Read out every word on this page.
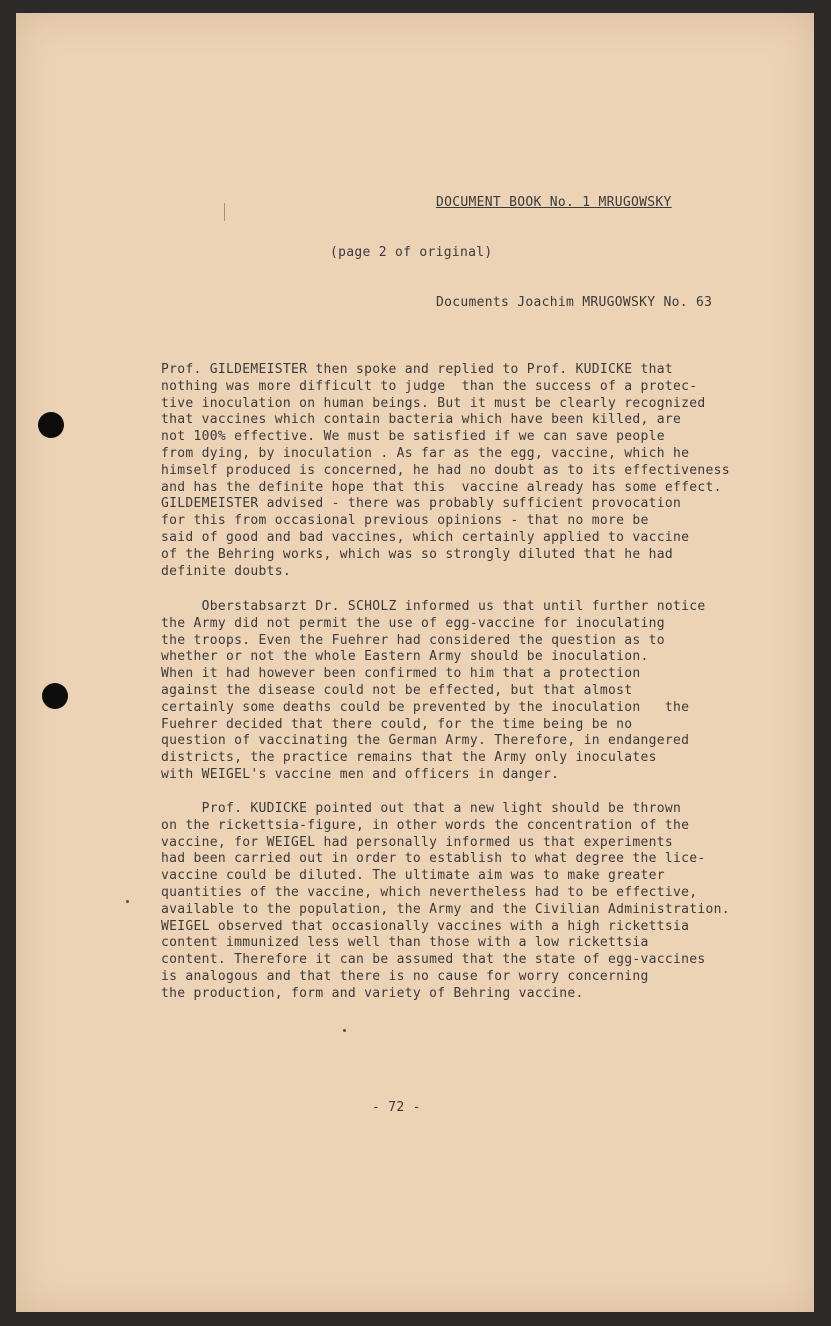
DOCUMENT BOOK No. 1 MRUGOWSKY
(page 2 of original)
Documents Joachim MRUGOWSKY No. 63
Prof. GILDEMEISTER then spoke and replied to Prof. KUDICKE that
nothing was more difficult to judge  than the success of a protec-
tive inoculation on human beings. But it must be clearly recognized
that vaccines which contain bacteria which have been killed, are
not 100% effective. We must be satisfied if we can save people
from dying, by inoculation . As far as the egg, vaccine, which he
himself produced is concerned, he had no doubt as to its effectiveness
and has the definite hope that this  vaccine already has some effect.
GILDEMEISTER advised - there was probably sufficient provocation
for this from occasional previous opinions - that no more be
said of good and bad vaccines, which certainly applied to vaccine
of the Behring works, which was so strongly diluted that he had
definite doubts.
Oberstabsarzt Dr. SCHOLZ informed us that until further notice
the Army did not permit the use of egg-vaccine for inoculating
the troops. Even the Fuehrer had considered the question as to
whether or not the whole Eastern Army should be inoculation.
When it had however been confirmed to him that a protection
against the disease could not be effected, but that almost
certainly some deaths could be prevented by the inoculation   the
Fuehrer decided that there could, for the time being be no
question of vaccinating the German Army. Therefore, in endangered
districts, the practice remains that the Army only inoculates
with WEIGEL's vaccine men and officers in danger.
Prof. KUDICKE pointed out that a new light should be thrown
on the rickettsia-figure, in other words the concentration of the
vaccine, for WEIGEL had personally informed us that experiments
had been carried out in order to establish to what degree the lice-
vaccine could be diluted. The ultimate aim was to make greater
quantities of the vaccine, which nevertheless had to be effective,
available to the population, the Army and the Civilian Administration.
WEIGEL observed that occasionally vaccines with a high rickettsia
content immunized less well than those with a low rickettsia
content. Therefore it can be assumed that the state of egg-vaccines
is analogous and that there is no cause for worry concerning
the production, form and variety of Behring vaccine.
- 72 -
